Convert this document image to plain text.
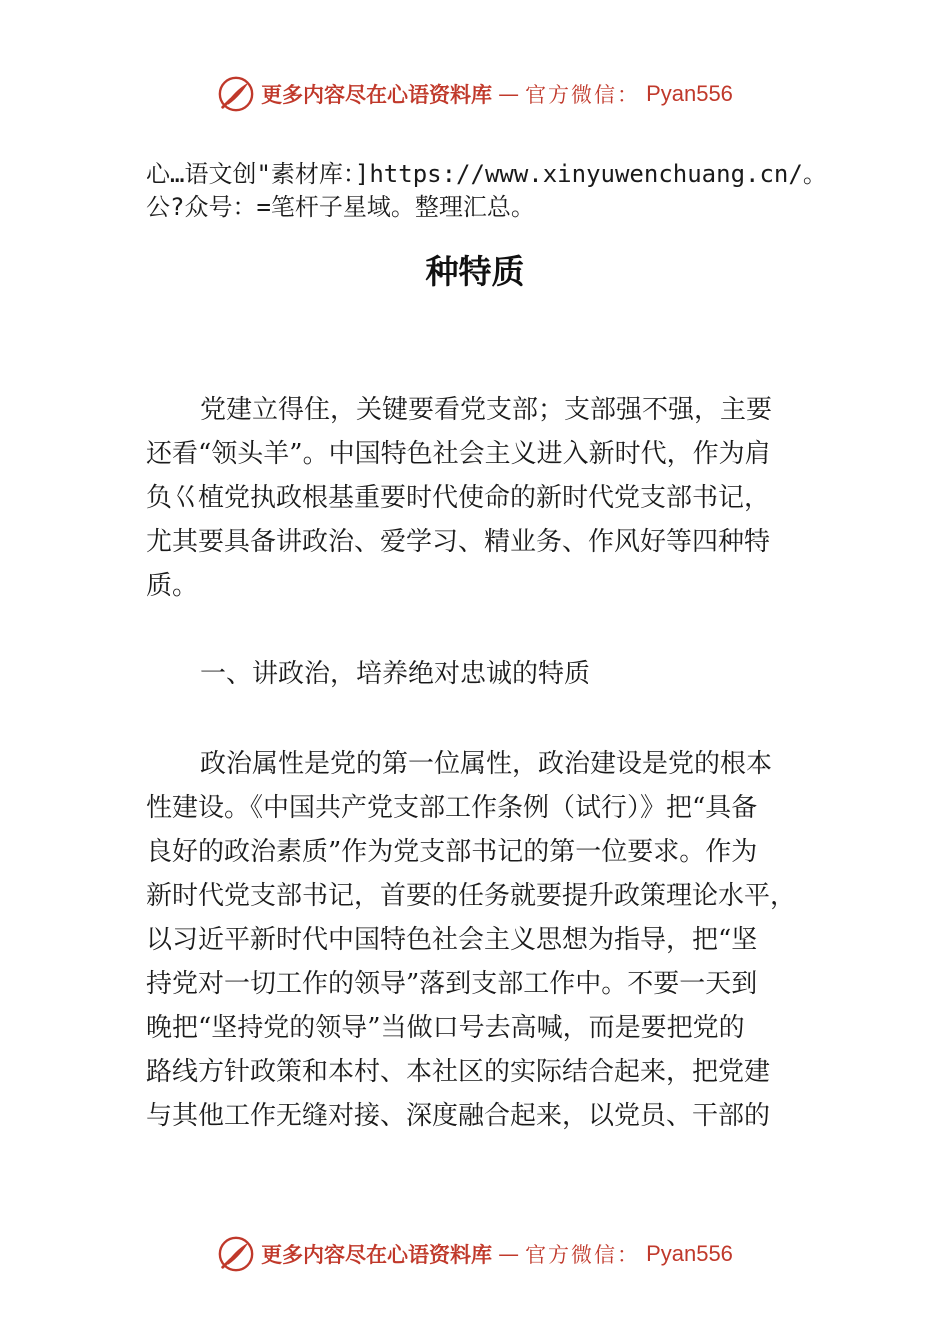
更多内容尽在心语资料库 — 官方微信： Pyan556
心…语文创"素材库：]https://www.xinyuwenchuang.cn/。
公?众号：=笔杆子星域。整理汇总。
种特质
党建立得住，关键要看党支部；支部强不强，主要
还看“领头羊”。中国特色社会主义进入新时代，作为肩
负巜植党执政根基重要时代使命的新时代党支部书记，
尤其要具备讲政治、爱学习、精业务、作风好等四种特
质。
一、讲政治，培养绝对忠诚的特质
政治属性是党的第一位属性，政治建设是党的根本
性建设。《中国共产党支部工作条例（试行）》把“具备
良好的政治素质”作为党支部书记的第一位要求。作为
新时代党支部书记，首要的任务就要提升政策理论水平，
以习近平新时代中国特色社会主义思想为指导，把“坚
持党对一切工作的领导”落到支部工作中。不要一天到
晚把“坚持党的领导”当做口号去高喊，而是要把党的
路线方针政策和本村、本社区的实际结合起来，把党建
与其他工作无缝对接、深度融合起来，以党员、干部的
更多内容尽在心语资料库 — 官方微信： Pyan556
